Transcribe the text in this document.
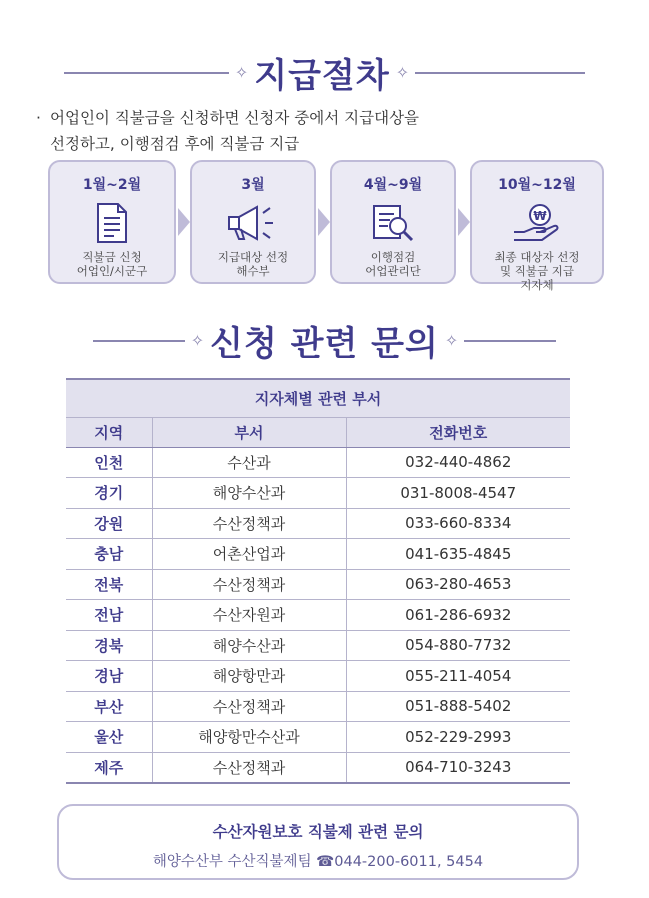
✧ 지급절차 ✧
· 어업인이 직불금을 신청하면 신청자 중에서 지급대상을
선정하고, 이행점검 후에 직불금 지급
1월~2월
직불금 신청
어업인/시군구
3월
지급대상 선정
해수부
4월~9월
이행점검
어업관리단
10월~12월
₩
최종 대상자 선정
및 직불금 지급
지자체
✧ 신청 관련 문의 ✧
지자체별 관련 부서		
지역	부서	전화번호
인천	수산과	032-440-4862
경기	해양수산과	031-8008-4547
강원	수산정책과	033-660-8334
충남	어촌산업과	041-635-4845
전북	수산정책과	063-280-4653
전남	수산자원과	061-286-6932
경북	해양수산과	054-880-7732
경남	해양항만과	055-211-4054
부산	수산정책과	051-888-5402
울산	해양항만수산과	052-229-2993
제주	수산정책과	064-710-3243
수산자원보호 직불제 관련 문의
해양수산부 수산직불제팀 ☎044-200-6011, 5454
